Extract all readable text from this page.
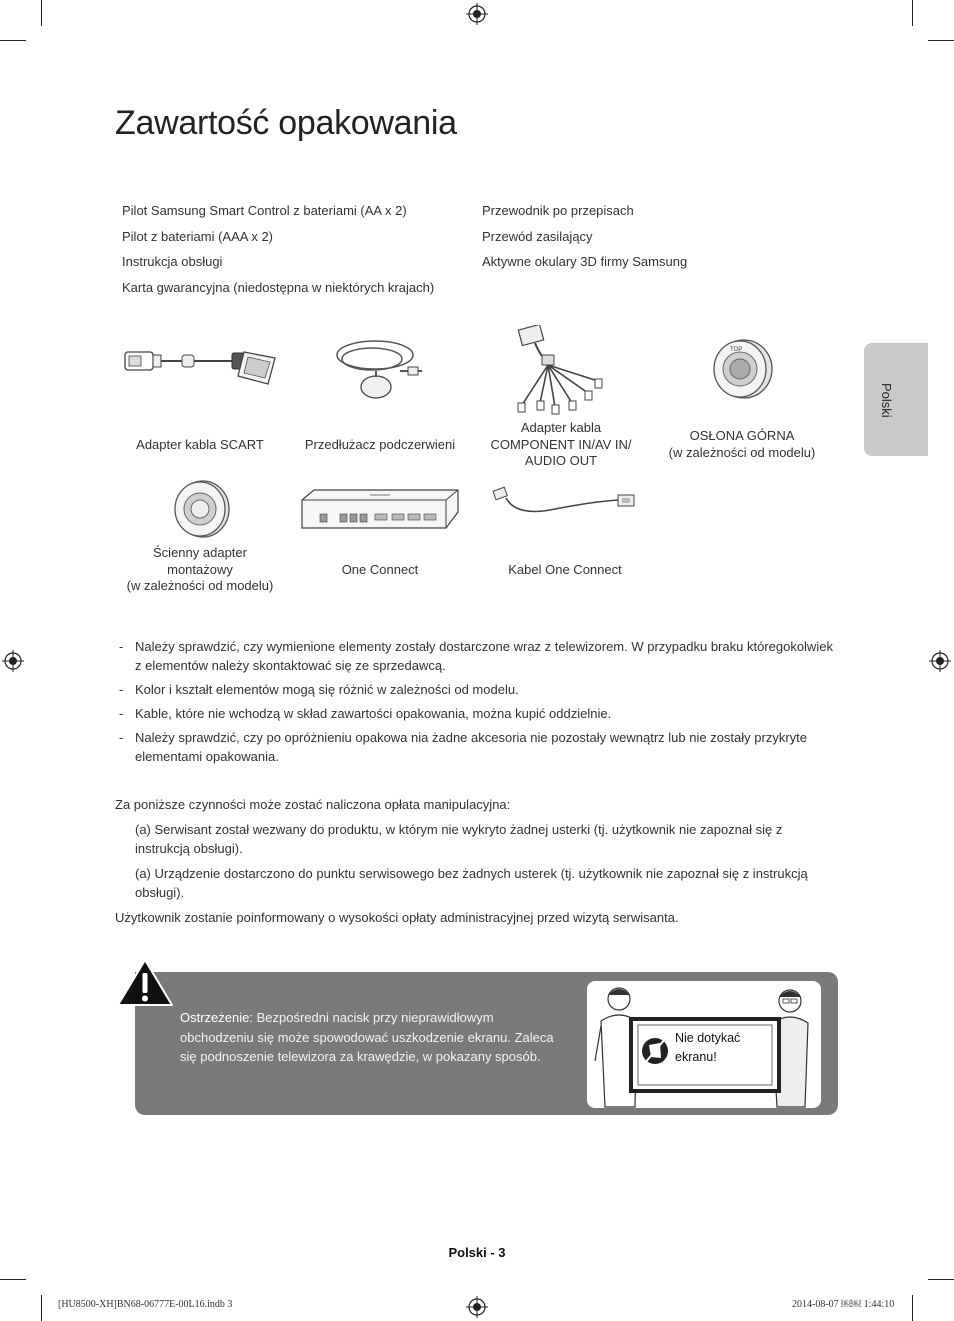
Zawartość opakowania
Polski
Pilot Samsung Smart Control z bateriami (AA x 2)
Pilot z bateriami (AAA x 2)
Instrukcja obsługi
Karta gwarancyjna (niedostępna w niektórych krajach)
Przewodnik po przepisach
Przewód zasilający
Aktywne okulary 3D firmy Samsung
TOP
Adapter kabla SCART	Przedłużacz podczerwieni
Adapter kabla
COMPONENT IN/AV IN/
AUDIO OUT
OSŁONA GÓRNA
(w zależności od modelu)
Ścienny adapter
montażowy
(w zależności od modelu)
One Connect	Kabel One Connect
- Należy sprawdzić, czy wymienione elementy zostały dostarczone wraz z telewizorem. W przypadku braku któregokolwiek z elementów należy skontaktować się ze sprzedawcą.
- Kolor i kształt elementów mogą się różnić w zależności od modelu.
- Kable, które nie wchodzą w skład zawartości opakowania, można kupić oddzielnie.
- Należy sprawdzić, czy po opróżnieniu opakowa nia żadne akcesoria nie pozostały wewnątrz lub nie zostały przykryte elementami opakowania.
Za poniższe czynności może zostać naliczona opłata manipulacyjna:
(a) Serwisant został wezwany do produktu, w którym nie wykryto żadnej usterki (tj. użytkownik nie zapoznał się z instrukcją obsługi).
(a) Urządzenie dostarczono do punktu serwisowego bez żadnych usterek (tj. użytkownik nie zapoznał się z instrukcją obsługi).
Użytkownik zostanie poinformowany o wysokości opłaty administracyjnej przed wizytą serwisanta.
Ostrzeżenie: Bezpośredni nacisk przy nieprawidłowym obchodzeniu się może spowodować uszkodzenie ekranu. Zaleca się podnoszenie telewizora za krawędzie, w pokazany sposób.
Nie dotykać
ekranu!
Polski - 3
[HU8500-XH]BN68-06777E-00L16.indb 3	2014-08-07 ￼￼ 1:44:10
